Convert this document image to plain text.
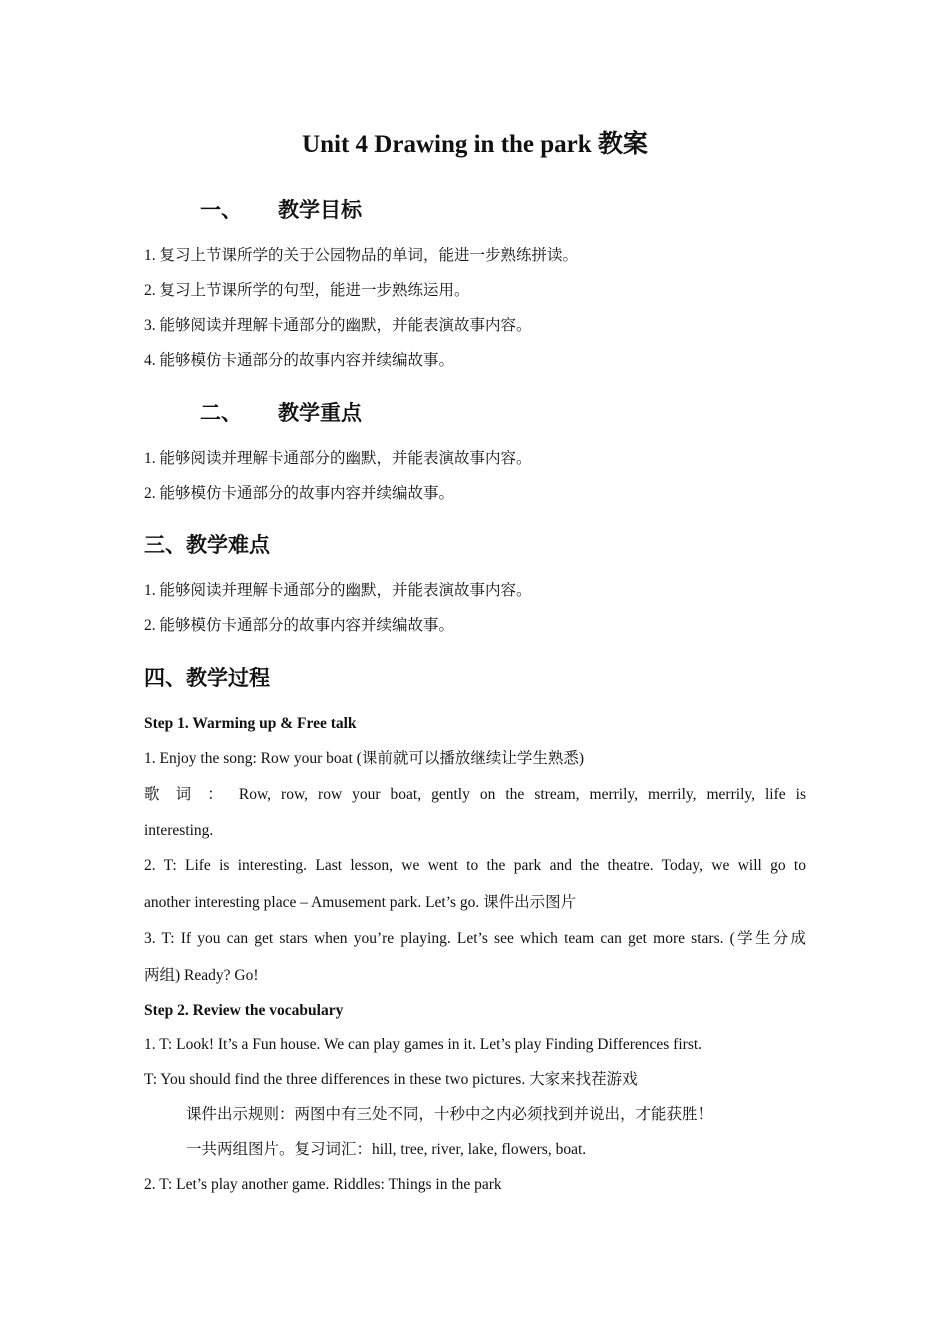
Unit 4 Drawing in the park 教案
一、 教学目标
1. 复习上节课所学的关于公园物品的单词，能进一步熟练拼读。
2. 复习上节课所学的句型，能进一步熟练运用。
3. 能够阅读并理解卡通部分的幽默，并能表演故事内容。
4. 能够模仿卡通部分的故事内容并续编故事。
二、 教学重点
1. 能够阅读并理解卡通部分的幽默，并能表演故事内容。
2. 能够模仿卡通部分的故事内容并续编故事。
三、教学难点
1. 能够阅读并理解卡通部分的幽默，并能表演故事内容。
2. 能够模仿卡通部分的故事内容并续编故事。
四、教学过程
Step 1. Warming up & Free talk
1. Enjoy the song: Row your boat (课前就可以播放继续让学生熟悉)
歌 词 ： Row, row, row your boat, gently on the stream, merrily, merrily, merrily, life is
interesting.
2. T: Life is interesting. Last lesson, we went to the park and the theatre. Today, we will go to
another interesting place – Amusement park. Let’s go. 课件出示图片
3. T: If you can get stars when you’re playing. Let’s see which team can get more stars. (学生分成
两组) Ready? Go!
Step 2. Review the vocabulary
1. T: Look! It’s a Fun house. We can play games in it. Let’s play Finding Differences first.
T: You should find the three differences in these two pictures. 大家来找茬游戏
课件出示规则：两图中有三处不同，十秒中之内必须找到并说出，才能获胜！
一共两组图片。复习词汇：hill, tree, river, lake, flowers, boat.
2. T: Let’s play another game. Riddles: Things in the park
